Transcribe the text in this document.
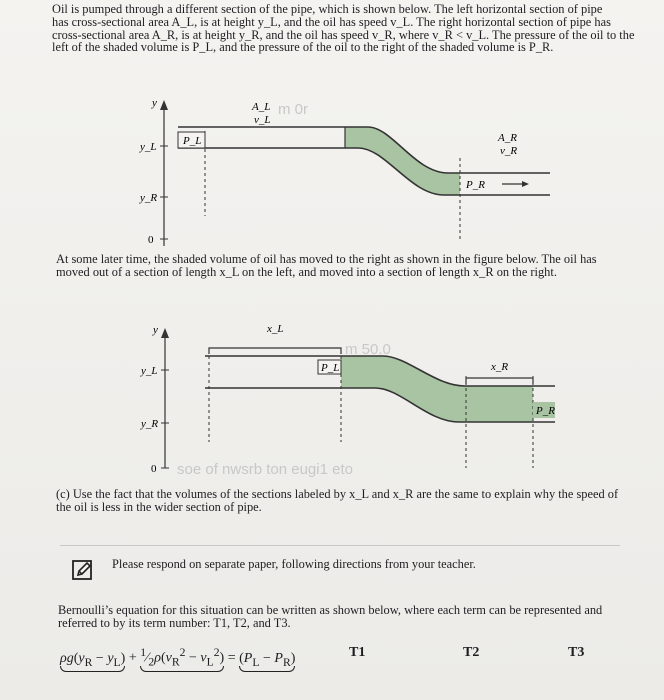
Oil is pumped through a different section of the pipe, which is shown below. The left horizontal section of pipe
has cross-sectional area A_L, is at height y_L, and the oil has speed v_L. The right horizontal section of pipe has
cross-sectional area A_R, is at height y_R, and the oil has speed v_R, where v_R < v_L. The pressure of the oil to the
left of the shaded volume is P_L, and the pressure of the oil to the right of the shaded volume is P_R.
y
y_L
y_R
0
P_L
A_L
v_L
A_R
v_R
P_R
m 0r
At some later time, the shaded volume of oil has moved to the right as shown in the figure below. The oil has
moved out of a section of length x_L on the left, and moved into a section of length x_R on the right.
y
y_L
y_R
0
x_L
x_R
P_L
P_R
m 50.0
soe of nwsrb ton eugi1 eto
(c) Use the fact that the volumes of the sections labeled by x_L and x_R are the same to explain why the speed of
the oil is less in the wider section of pipe.
Please respond on separate paper, following directions from your teacher.
Bernoulli’s equation for this situation can be written as shown below, where each term can be represented and
referred to by its term number: T1, T2, and T3.
$\rho g(y_R - y_L)$ + $^1⁄_2\rho(v_R^2 - v_L^2) = (P_L - P_R)$	T1	T2	T3
